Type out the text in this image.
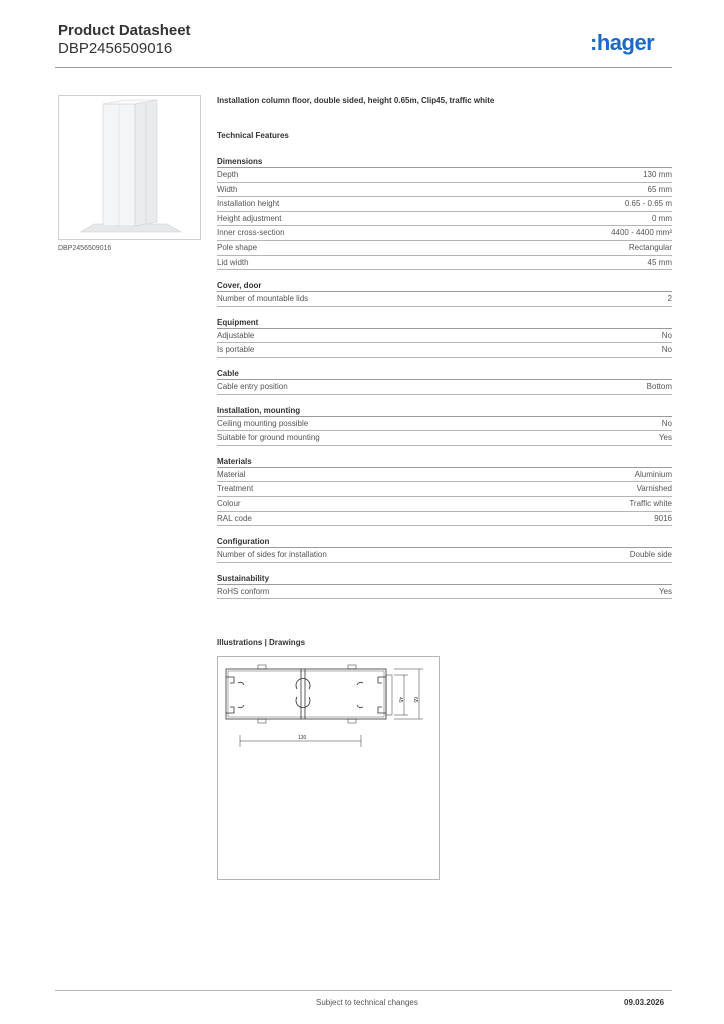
Product Datasheet
DBP2456509016	:hager
DBP2456509016
Installation column floor, double sided, height 0.65m, Clip45, traffic white
Technical Features
Dimensions
Depth	130 mm
Width	65 mm
Installation height	0.65 - 0.65 m
Height adjustment	0 mm
Inner cross-section	4400 - 4400 mm²
Pole shape	Rectangular
Lid width	45 mm
Cover, door
Number of mountable lids	2
Equipment
Adjustable	No
Is portable	No
Cable
Cable entry position	Bottom
Installation, mounting
Ceiling mounting possible	No
Suitable for ground mounting	Yes
Materials
Material	Aluminium
Treatment	Varnished
Colour	Traffic white
RAL code	9016
Configuration
Number of sides for installation	Double side
Sustainability
RoHS conform	Yes
Illustrations | Drawings
130
45 65
Subject to technical changes	09.03.2026
